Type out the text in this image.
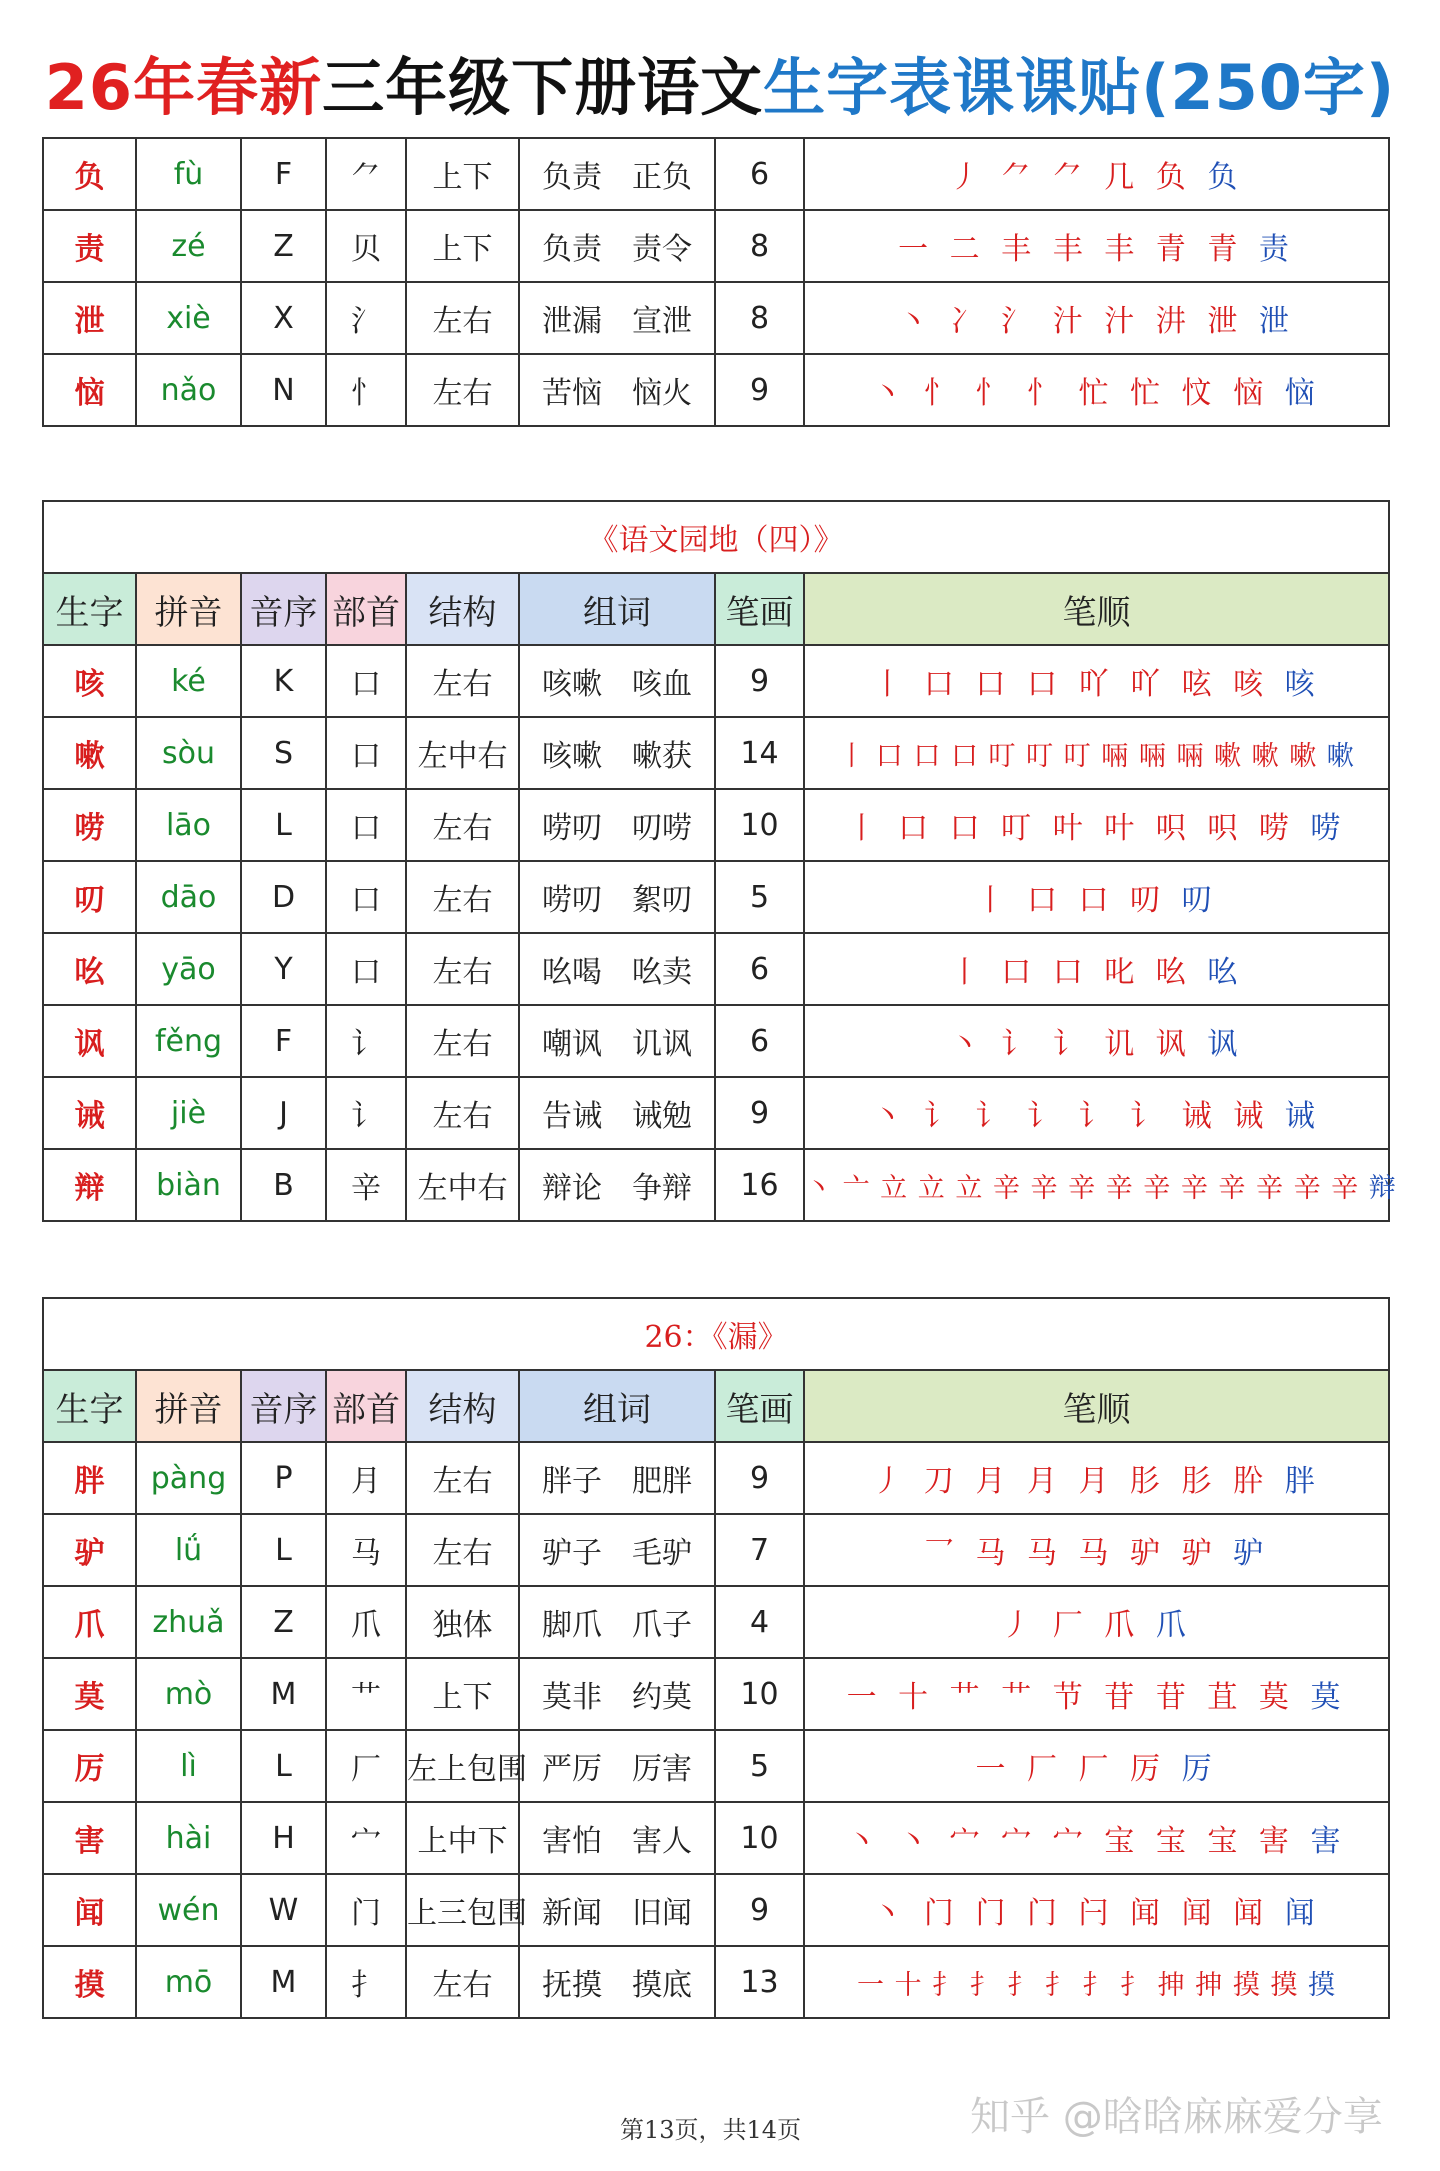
26年春新三年级下册语文生字表课课贴(250字)
负	fù	F	⺈	上下	负责 正负	6	丿 ⺈ ⺈ 几 负 负
责	zé	Z	贝	上下	负责 责令	8	一 二 丰 丰 丰 青 青 责
泄	xiè	X	氵	左右	泄漏 宣泄	8	丶 冫 氵 汁 汁 汫 泄 泄
恼	nǎo	N	忄	左右	苦恼 恼火	9	丶 忄 忄 忄 忙 忙 忟 恼 恼
《语文园地（四）》							
生字	拼音	音序	部首	结构	组词	笔画	笔顺
咳	ké	K	口	左右	咳嗽 咳血	9	丨 口 口 口 吖 吖 呟 咳 咳
嗽	sòu	S	口	左中右	咳嗽 嗽获	14	丨 口 口 口 叮 叮 叮 啢 啢 啢 嗽 嗽 嗽 嗽
唠	lāo	L	口	左右	唠叨 叨唠	10	丨 口 口 叮 叶 叶 呮 呮 唠 唠
叨	dāo	D	口	左右	唠叨 絮叨	5	丨 口 口 叨 叨
吆	yāo	Y	口	左右	吆喝 吆卖	6	丨 口 口 叱 吆 吆
讽	fěng	F	讠	左右	嘲讽 讥讽	6	丶 讠 讠 讥 讽 讽
诫	jiè	J	讠	左右	告诫 诫勉	9	丶 讠 讠 讠 讠 讠 诫 诫 诫
辩	biàn	B	辛	左中右	辩论 争辩	16	丶 亠 立 立 立 辛 辛 辛 辛 辛 辛 辛 辛 辛 辛 辩
26：《漏》							
生字	拼音	音序	部首	结构	组词	笔画	笔顺
胖	pàng	P	月	左右	胖子 肥胖	9	丿 刀 月 月 月 肜 肜 肸 胖
驴	lǘ	L	马	左右	驴子 毛驴	7	乛 马 马 马 驴 驴 驴
爪	zhuǎ	Z	爪	独体	脚爪 爪子	4	丿 厂 爪 爪
莫	mò	M	艹	上下	莫非 约莫	10	一 十 艹 艹 节 苷 苷 苴 莫 莫
厉	lì	L	厂	左上包围	严厉 厉害	5	一 厂 厂 厉 厉
害	hài	H	宀	上中下	害怕 害人	10	丶 丶 宀 宀 宀 宝 宝 宝 害 害
闻	wén	W	门	上三包围	新闻 旧闻	9	丶 门 门 门 闩 闻 闻 闻 闻
摸	mō	M	扌	左右	抚摸 摸底	13	一 十 扌 扌 扌 扌 扌 扌 抻 抻 摸 摸 摸
知乎 @晗晗麻麻爱分享
第13页，共14页
